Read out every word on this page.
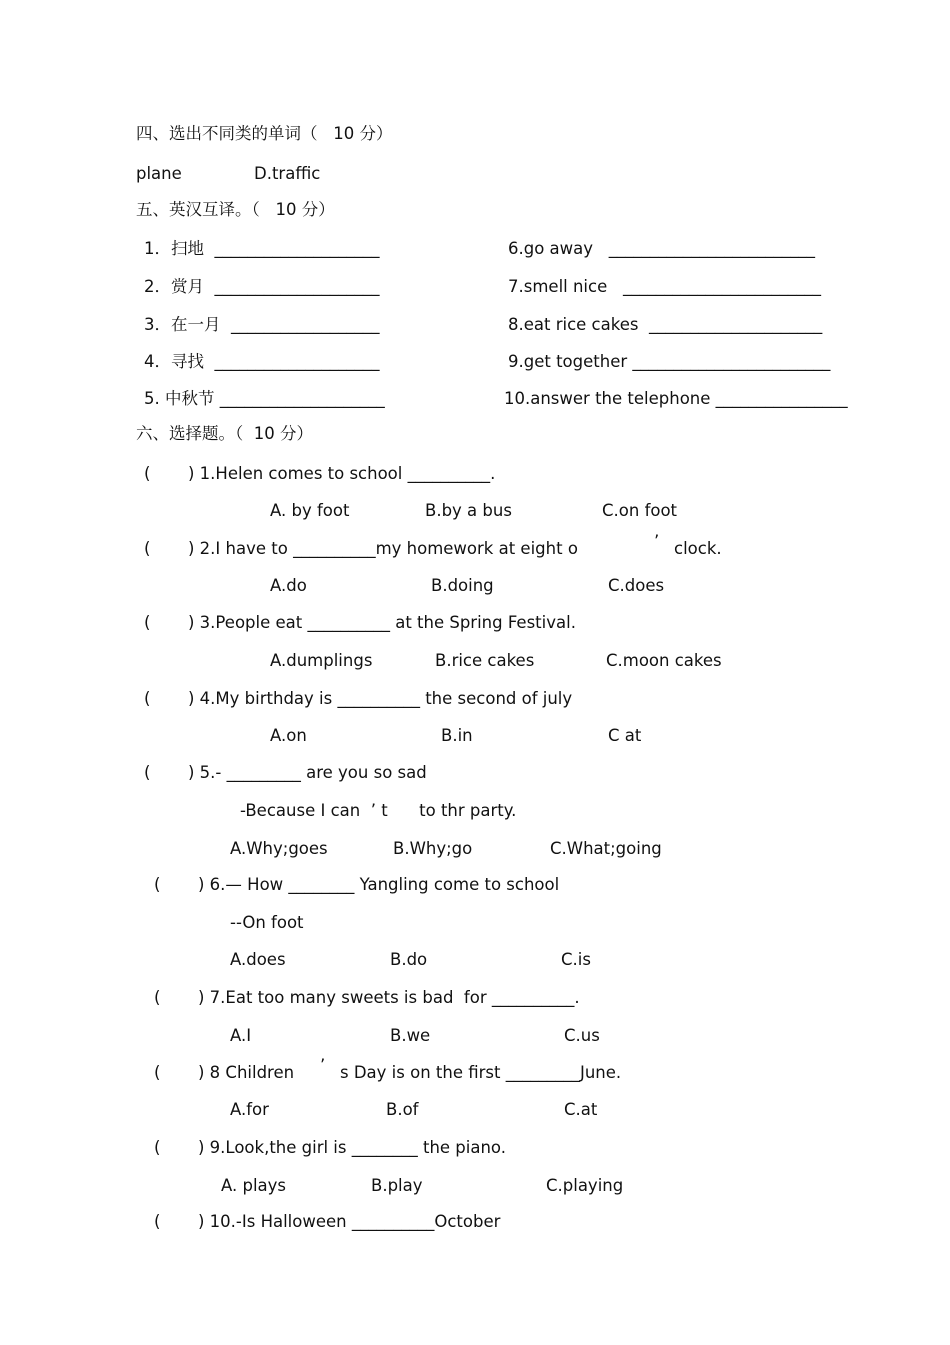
四、选出不同类的单词（   10 分）
plane	D.traffic
五、英汉互译。（   10 分）
1．扫地  ____________________
2．赏月  ____________________
3．在一月  __________________
4．寻找  ____________________
5. 中秋节 ____________________
6.go away   _________________________
7.smell nice   ________________________
8.eat rice cakes  _____________________
9.get together ________________________
10.answer the telephone ________________
六、选择题。（  10 分）
( ) 1.Helen comes to school __________.
A. by foot	B.by a bus	C.on foot
( ) 2.I have to __________my homework at eight o	’ clock.
A.do	B.doing	C.does
( ) 3.People eat __________ at the Spring Festival.
A.dumplings	B.rice cakes	C.moon cakes
( ) 4.My birthday is __________ the second of july
A.on	B.in	C at
( ) 5.- _________ are you so sad
-Because I can  ’ t      to thr party.
A.Why;goes	B.Why;go	C.What;going
( ) 6.— How ________ Yangling come to school
--On foot
A.does	B.do	C.is
( ) 7.Eat too many sweets is bad  for __________.
A.I	B.we	C.us
( ) 8 Children ’ s Day is on the first _________June.
A.for	B.of	C.at
( ) 9.Look,the girl is ________ the piano.
A. plays	B.play	C.playing
( ) 10.-Is Halloween __________October
